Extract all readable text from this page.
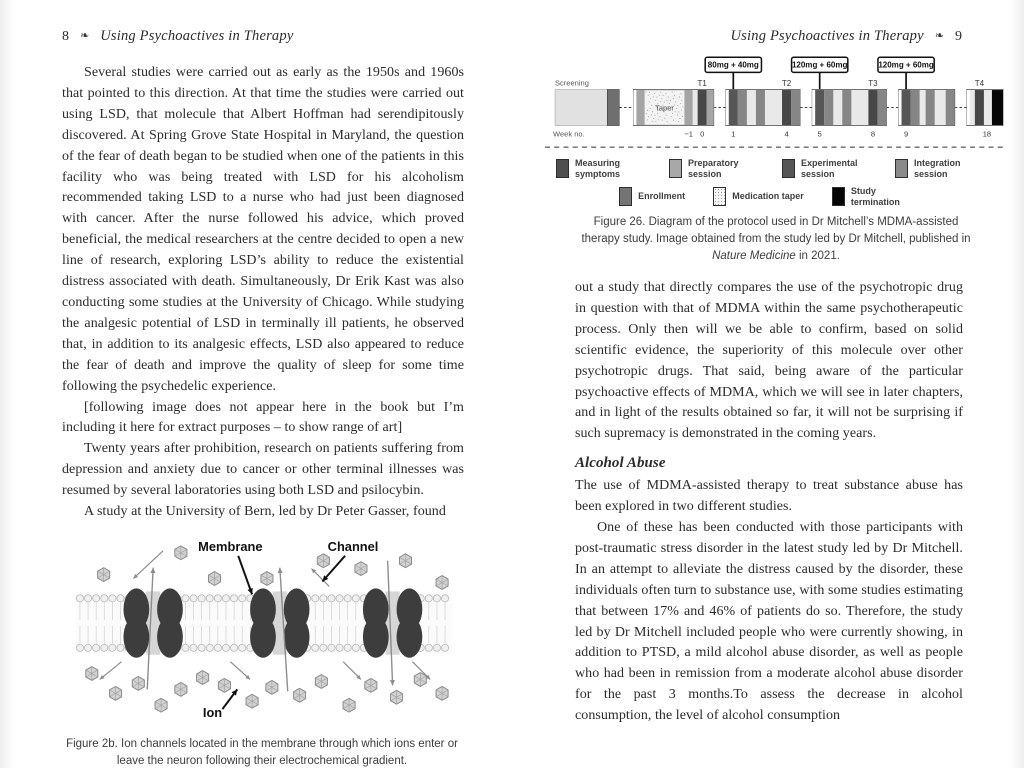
8 ❧ Using Psychoactives in Therapy

Several studies were carried out as early as the 1950s and 1960s that pointed to this direction. At that time the studies were carried out using LSD, that molecule that Albert Hoffman had serendipitously discovered. At Spring Grove State Hospital in Maryland, the question of the fear of death began to be studied when one of the patients in this facility who was being treated with LSD for his alcoholism recommended taking LSD to a nurse who had just been diagnosed with cancer. After the nurse followed his advice, which proved beneficial, the medical researchers at the centre decided to open a new line of research, exploring LSD’s ability to reduce the existential distress associated with death. Simultaneously, Dr Erik Kast was also conducting some studies at the University of Chicago. While studying the analgesic potential of LSD in terminally ill patients, he observed that, in addition to its analgesic effects, LSD also appeared to reduce the fear of death and improve the quality of sleep for some time following the psychedelic experience.

[following image does not appear here in the book but I’m including it here for extract purposes – to show range of art]

Twenty years after prohibition, research on patients suffering from depression and anxiety due to cancer or other terminal illnesses was resumed by several laboratories using both LSD and psilocybin.

A study at the University of Bern, led by Dr Peter Gasser, found

Membrane	Channel
Ion
Figure 2b. Ion channels located in the membrane through which ions enter or leave the neuron following their electrochemical gradient.
Using Psychoactives in Therapy ❧ 9
Screening
Taper
80mg + 40mg	120mg + 60mg	120mg + 60mg
T1	T2	T3	T4
−1 0	1	4	5	8	9	18
Week no.
Measuring symptoms
Preparatory session
Experimental session
Integration session
Enrollment	Medication taper
Study termination
Figure 26. Diagram of the protocol used in Dr Mitchell’s MDMA-assisted therapy study. Image obtained from the study led by Dr Mitchell, published in Nature Medicine in 2021.

out a study that directly compares the use of the psychotropic drug in question with that of MDMA within the same psychotherapeutic process. Only then will we be able to confirm, based on solid scientific evidence, the superiority of this molecule over other psychotropic drugs. That said, being aware of the particular psychoactive effects of MDMA, which we will see in later chapters, and in light of the results obtained so far, it will not be surprising if such supremacy is demonstrated in the coming years.

Alcohol Abuse

The use of MDMA-assisted therapy to treat substance abuse has been explored in two different studies.

One of these has been conducted with those participants with post-traumatic stress disorder in the latest study led by Dr Mitchell. In an attempt to alleviate the distress caused by the disorder, these individuals often turn to substance use, with some studies estimating that between 17% and 46% of patients do so. Therefore, the study led by Dr Mitchell included people who were currently showing, in addition to PTSD, a mild alcohol abuse disorder, as well as people who had been in remission from a moderate alcohol abuse disorder for the past 3 months.To assess the decrease in alcohol consumption, the level of alcohol consumption
